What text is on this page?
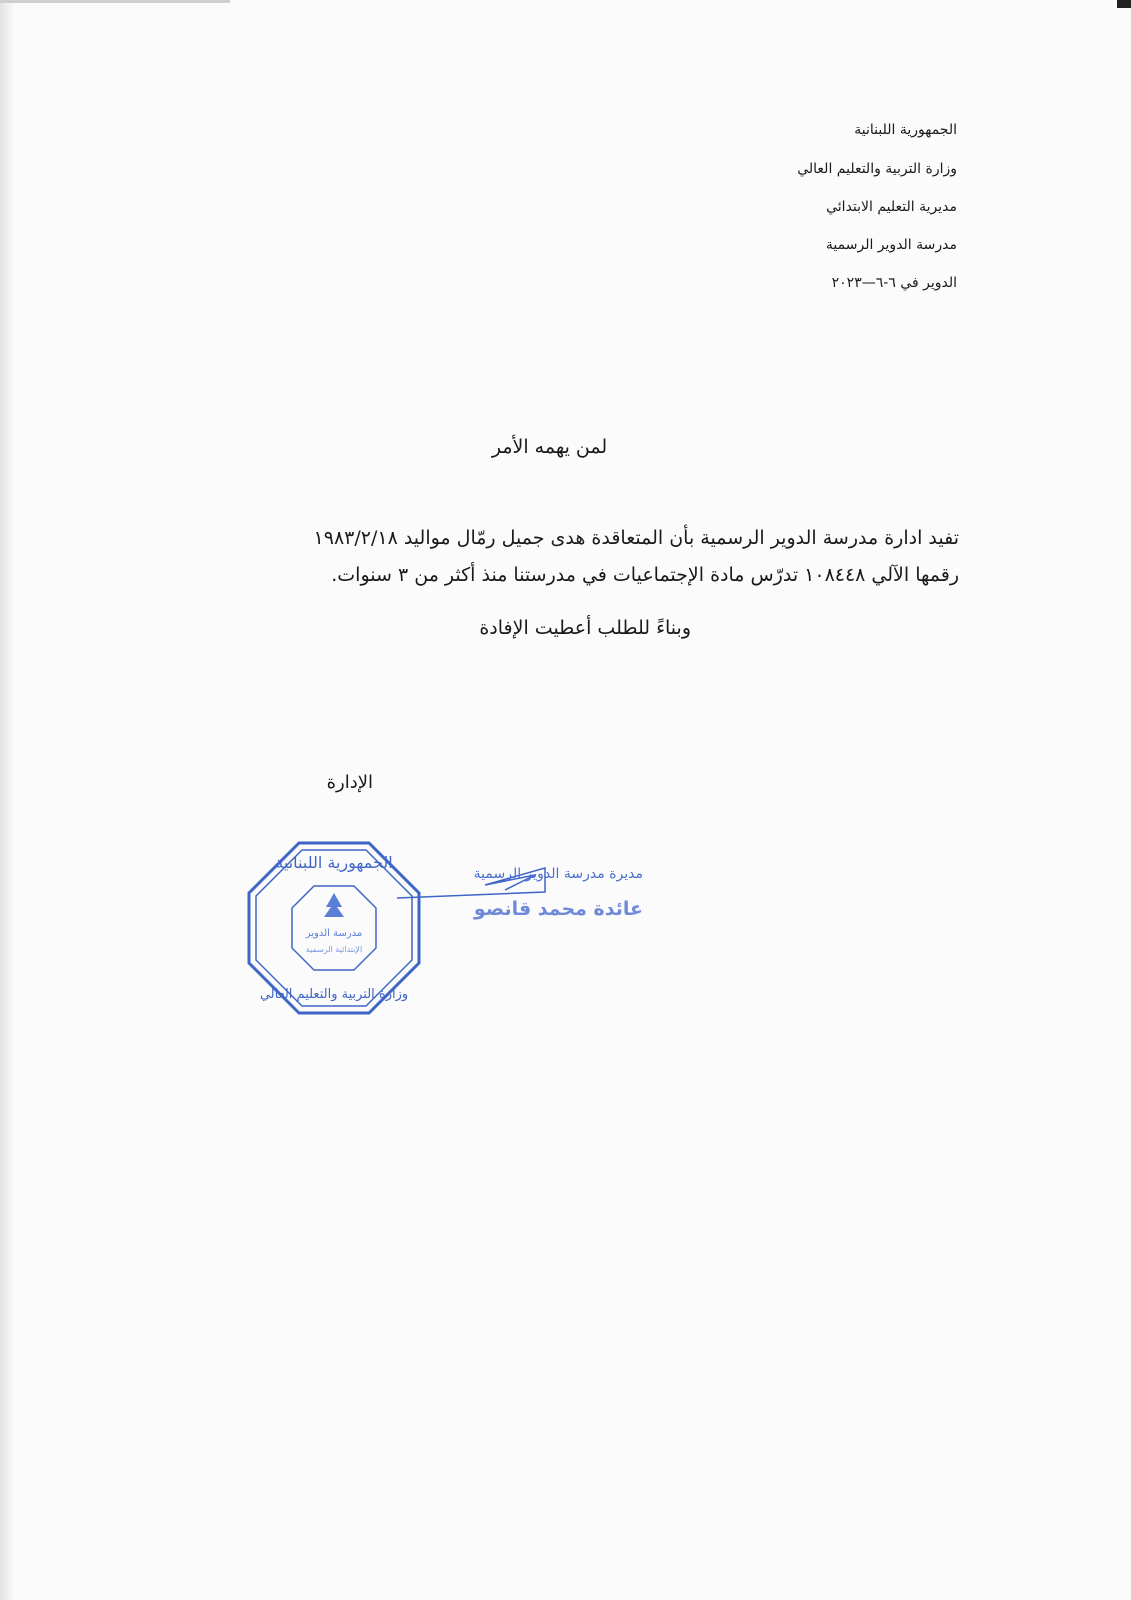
الجمهورية اللبنانية
وزارة التربية والتعليم العالي
مديرية التعليم الابتدائي
مدرسة الدوير الرسمية
الدوير في ٦-٦—٢٠٢٣
لمن يهمه الأمر
تفيد ادارة مدرسة الدوير الرسمية بأن المتعاقدة هدى جميل رمّال مواليد ١٩٨٣/٢/١٨
رقمها الآلي ١٠٨٤٤٨ تدرّس مادة الإجتماعيات في مدرستنا منذ أكثر من ٣ سنوات.
وبناءً للطلب أعطيت الإفادة
الإدارة
الجمهورية اللبنانية
وزارة التربية والتعليم العالي
مدرسة الدوير
الإبتدائية الرسمية
مديرة مدرسة الدوير الرسمية
عائدة محمد قانصو
